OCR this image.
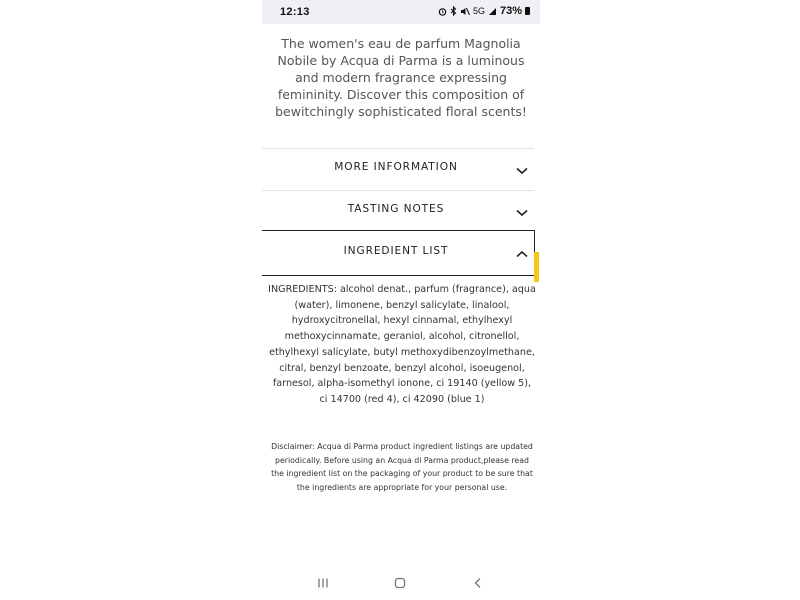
12:13	5G 73%
The women's eau de parfum Magnolia Nobile by Acqua di Parma is a luminous and modern fragrance expressing femininity. Discover this composition of bewitchingly sophisticated floral scents!
MORE INFORMATION
TASTING NOTES
INGREDIENT LIST
INGREDIENTS: alcohol denat., parfum (fragrance), aqua (water), limonene, benzyl salicylate, linalool, hydroxycitronellal, hexyl cinnamal, ethylhexyl methoxycinnamate, geraniol, alcohol, citronellol, ethylhexyl salicylate, butyl methoxydibenzoylmethane, citral, benzyl benzoate, benzyl alcohol, isoeugenol, farnesol, alpha-isomethyl ionone, ci 19140 (yellow 5), ci 14700 (red 4), ci 42090 (blue 1)
Disclaimer: Acqua di Parma product ingredient listings are updated periodically. Before using an Acqua di Parma product,please read the ingredient list on the packaging of your product to be sure that the ingredients are appropriate for your personal use.
